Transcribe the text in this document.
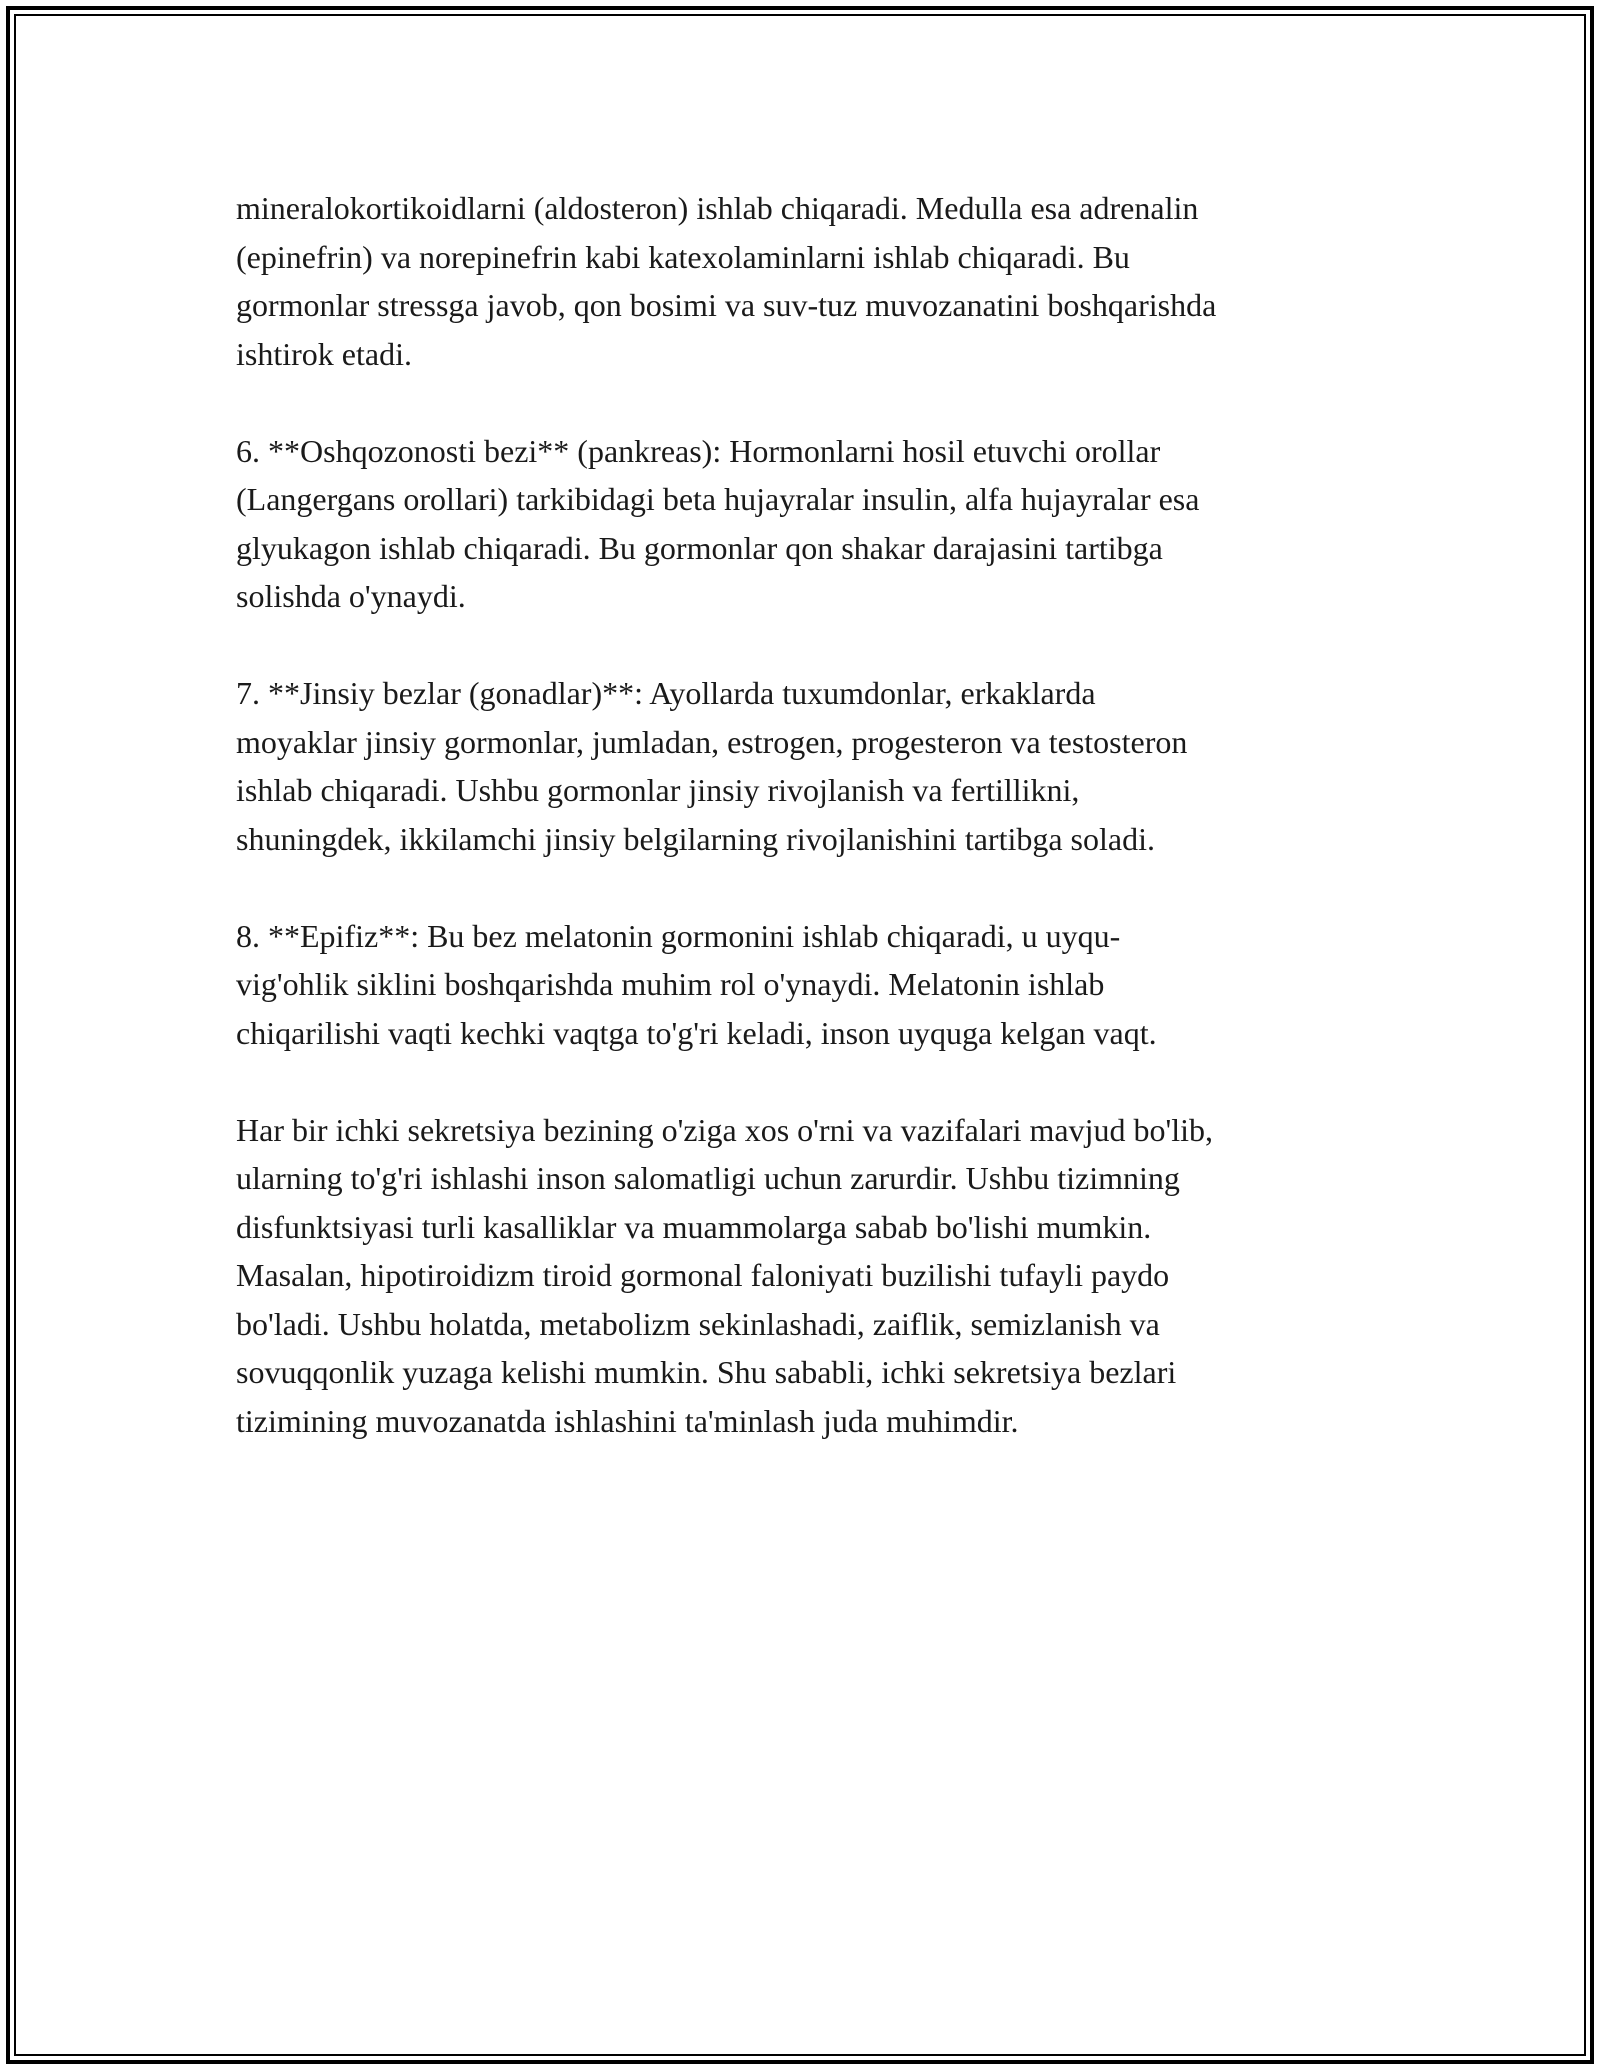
mineralokortikoidlarni (aldosteron) ishlab chiqaradi. Medulla esa adrenalin
(epinefrin) va norepinefrin kabi katexolaminlarni ishlab chiqaradi. Bu
gormonlar stressga javob, qon bosimi va suv-tuz muvozanatini boshqarishda
ishtirok etadi.

6. **Oshqozonosti bezi** (pankreas): Hormonlarni hosil etuvchi orollar
(Langergans orollari) tarkibidagi beta hujayralar insulin, alfa hujayralar esa
glyukagon ishlab chiqaradi. Bu gormonlar qon shakar darajasini tartibga
solishda o'ynaydi.

7. **Jinsiy bezlar (gonadlar)**: Ayollarda tuxumdonlar, erkaklarda
moyaklar jinsiy gormonlar, jumladan, estrogen, progesteron va testosteron
ishlab chiqaradi. Ushbu gormonlar jinsiy rivojlanish va fertillikni,
shuningdek, ikkilamchi jinsiy belgilarning rivojlanishini tartibga soladi.

8. **Epifiz**: Bu bez melatonin gormonini ishlab chiqaradi, u uyqu-
vig'ohlik siklini boshqarishda muhim rol o'ynaydi. Melatonin ishlab
chiqarilishi vaqti kechki vaqtga to'g'ri keladi, inson uyquga kelgan vaqt.

Har bir ichki sekretsiya bezining o'ziga xos o'rni va vazifalari mavjud bo'lib,
ularning to'g'ri ishlashi inson salomatligi uchun zarurdir. Ushbu tizimning
disfunktsiyasi turli kasalliklar va muammolarga sabab bo'lishi mumkin.
Masalan, hipotiroidizm tiroid gormonal faloniyati buzilishi tufayli paydo
bo'ladi. Ushbu holatda, metabolizm sekinlashadi, zaiflik, semizlanish va
sovuqqonlik yuzaga kelishi mumkin. Shu sababli, ichki sekretsiya bezlari
tizimining muvozanatda ishlashini ta'minlash juda muhimdir.
